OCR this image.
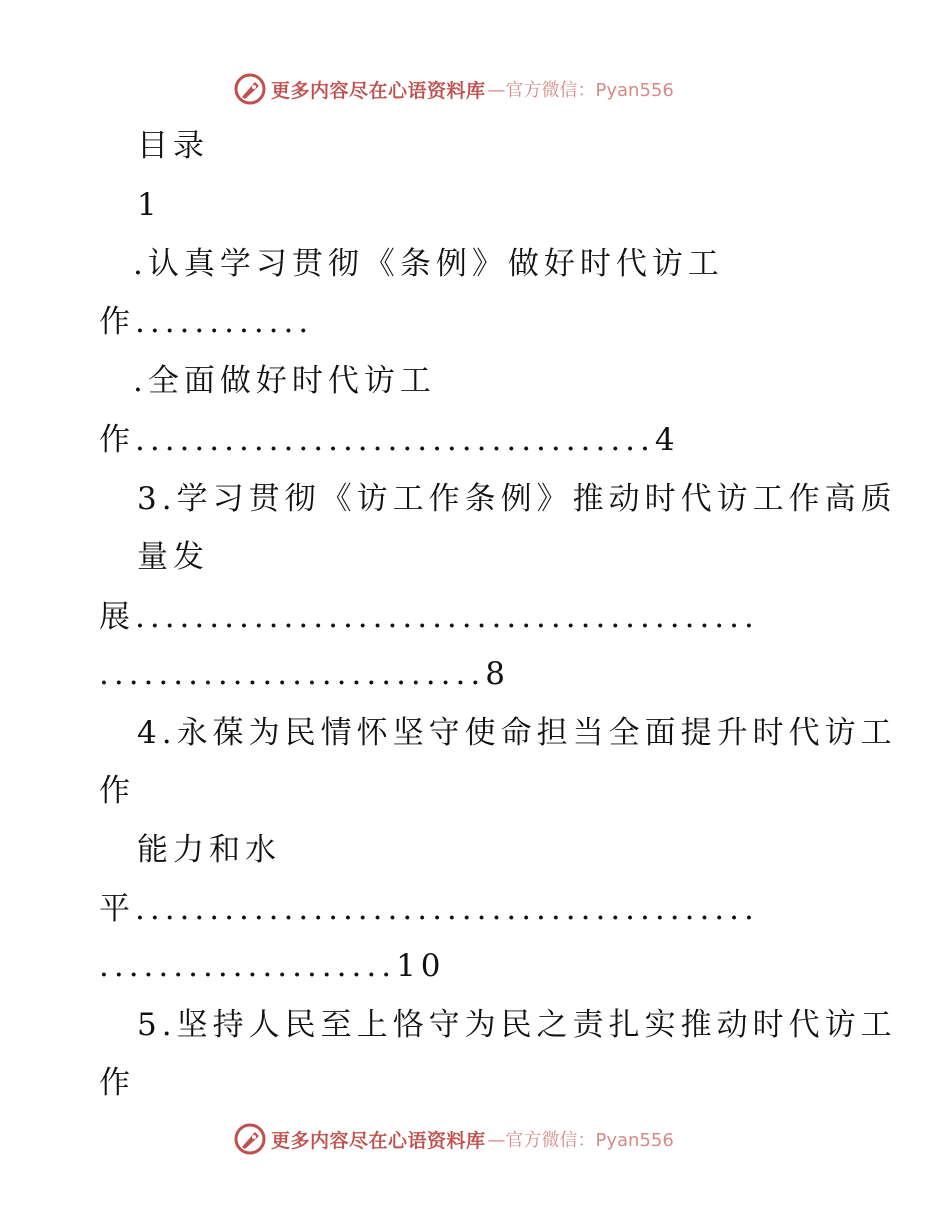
更多内容尽在心语资料库 —官方微信：Pyan556
目录
1
.认真学习贯彻《条例》做好时代访工
作............
.全面做好时代访工
作...................................4
3.学习贯彻《访工作条例》推动时代访工作高质
量发
展..........................................
..........................8
4.永葆为民情怀坚守使命担当全面提升时代访工
作
能力和水
平..........................................
....................10
5.坚持人民至上恪守为民之责扎实推动时代访工
作
更多内容尽在心语资料库 —官方微信：Pyan556
